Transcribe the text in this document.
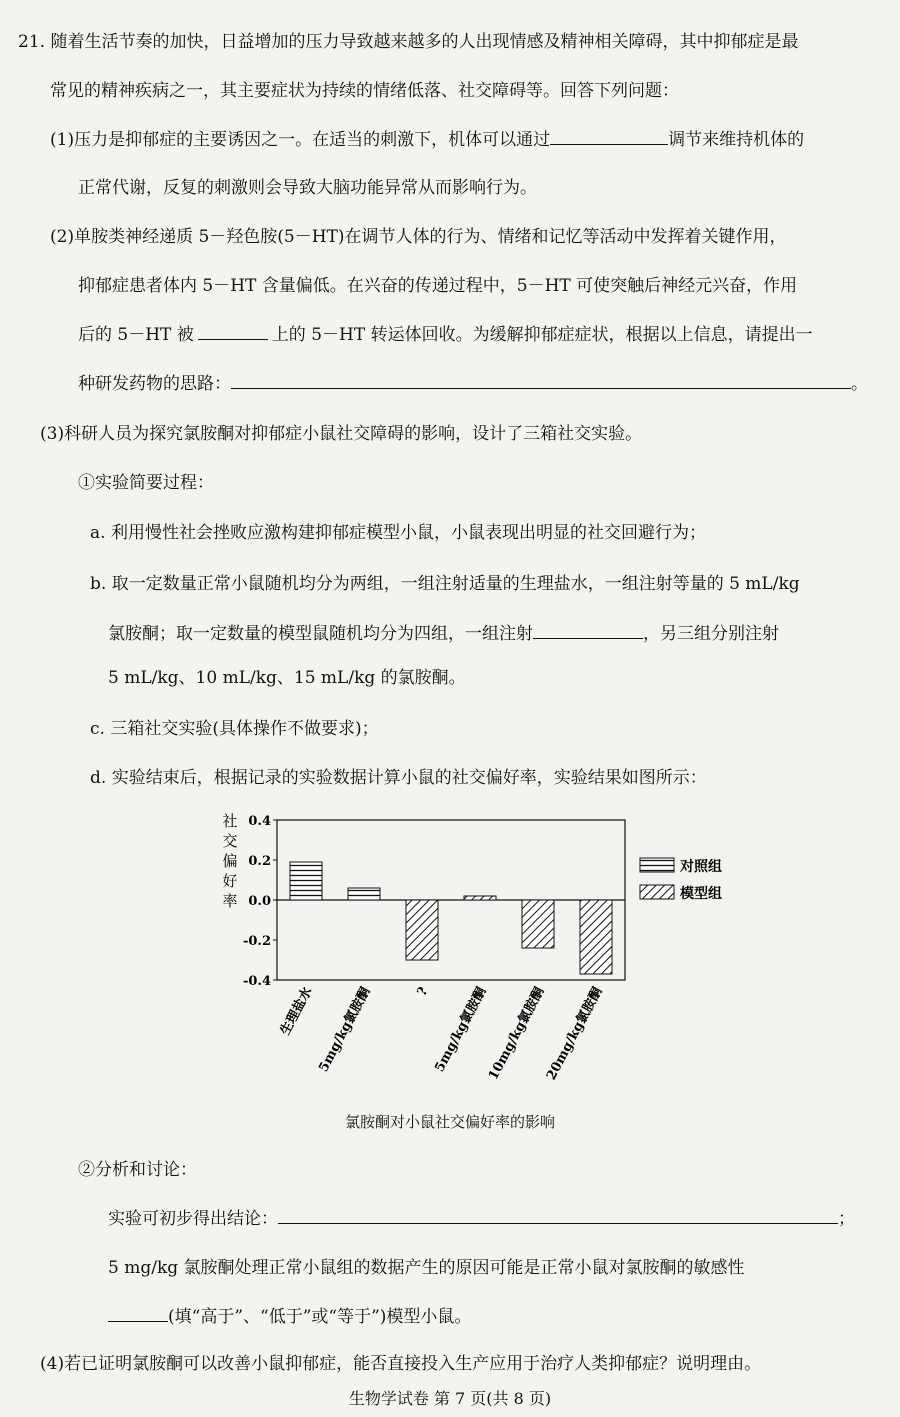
21. 随着生活节奏的加快，日益增加的压力导致越来越多的人出现情感及精神相关障碍，其中抑郁症是最
常见的精神疾病之一，其主要症状为持续的情绪低落、社交障碍等。回答下列问题：
(1)压力是抑郁症的主要诱因之一。在适当的刺激下，机体可以通过	调节来维持机体的
正常代谢，反复的刺激则会导致大脑功能异常从而影响行为。
(2)单胺类神经递质 5－羟色胺(5－HT)在调节人体的行为、情绪和记忆等活动中发挥着关键作用，
抑郁症患者体内 5－HT 含量偏低。在兴奋的传递过程中，5－HT 可使突触后神经元兴奋，作用
后的 5－HT 被	上的 5－HT 转运体回收。为缓解抑郁症症状，根据以上信息，请提出一
种研发药物的思路：	。
(3)科研人员为探究氯胺酮对抑郁症小鼠社交障碍的影响，设计了三箱社交实验。
①实验简要过程：
a. 利用慢性社会挫败应激构建抑郁症模型小鼠，小鼠表现出明显的社交回避行为；
b. 取一定数量正常小鼠随机均分为两组，一组注射适量的生理盐水，一组注射等量的 5 mL/kg
氯胺酮；取一定数量的模型鼠随机均分为四组，一组注射	，另三组分别注射
5 mL/kg、10 mL/kg、15 mL/kg 的氯胺酮。
c. 三箱社交实验(具体操作不做要求)；
d. 实验结束后，根据记录的实验数据计算小鼠的社交偏好率，实验结果如图所示：
社
交
偏
好
率
0.4
0.2
0.0
-0.2
-0.4
生理盐水 5mg/kg氯胺酮	? 5mg/kg氯胺酮
10mg/kg氯胺酮
20mg/kg氯胺酮
对照组
模型组
氯胺酮对小鼠社交偏好率的影响
②分析和讨论：
实验可初步得出结论：	；
5 mg/kg 氯胺酮处理正常小鼠组的数据产生的原因可能是正常小鼠对氯胺酮的敏感性
(填“高于”、“低于”或“等于”)模型小鼠。
(4)若已证明氯胺酮可以改善小鼠抑郁症，能否直接投入生产应用于治疗人类抑郁症？说明理由。
生物学试卷 第 7 页(共 8 页)
